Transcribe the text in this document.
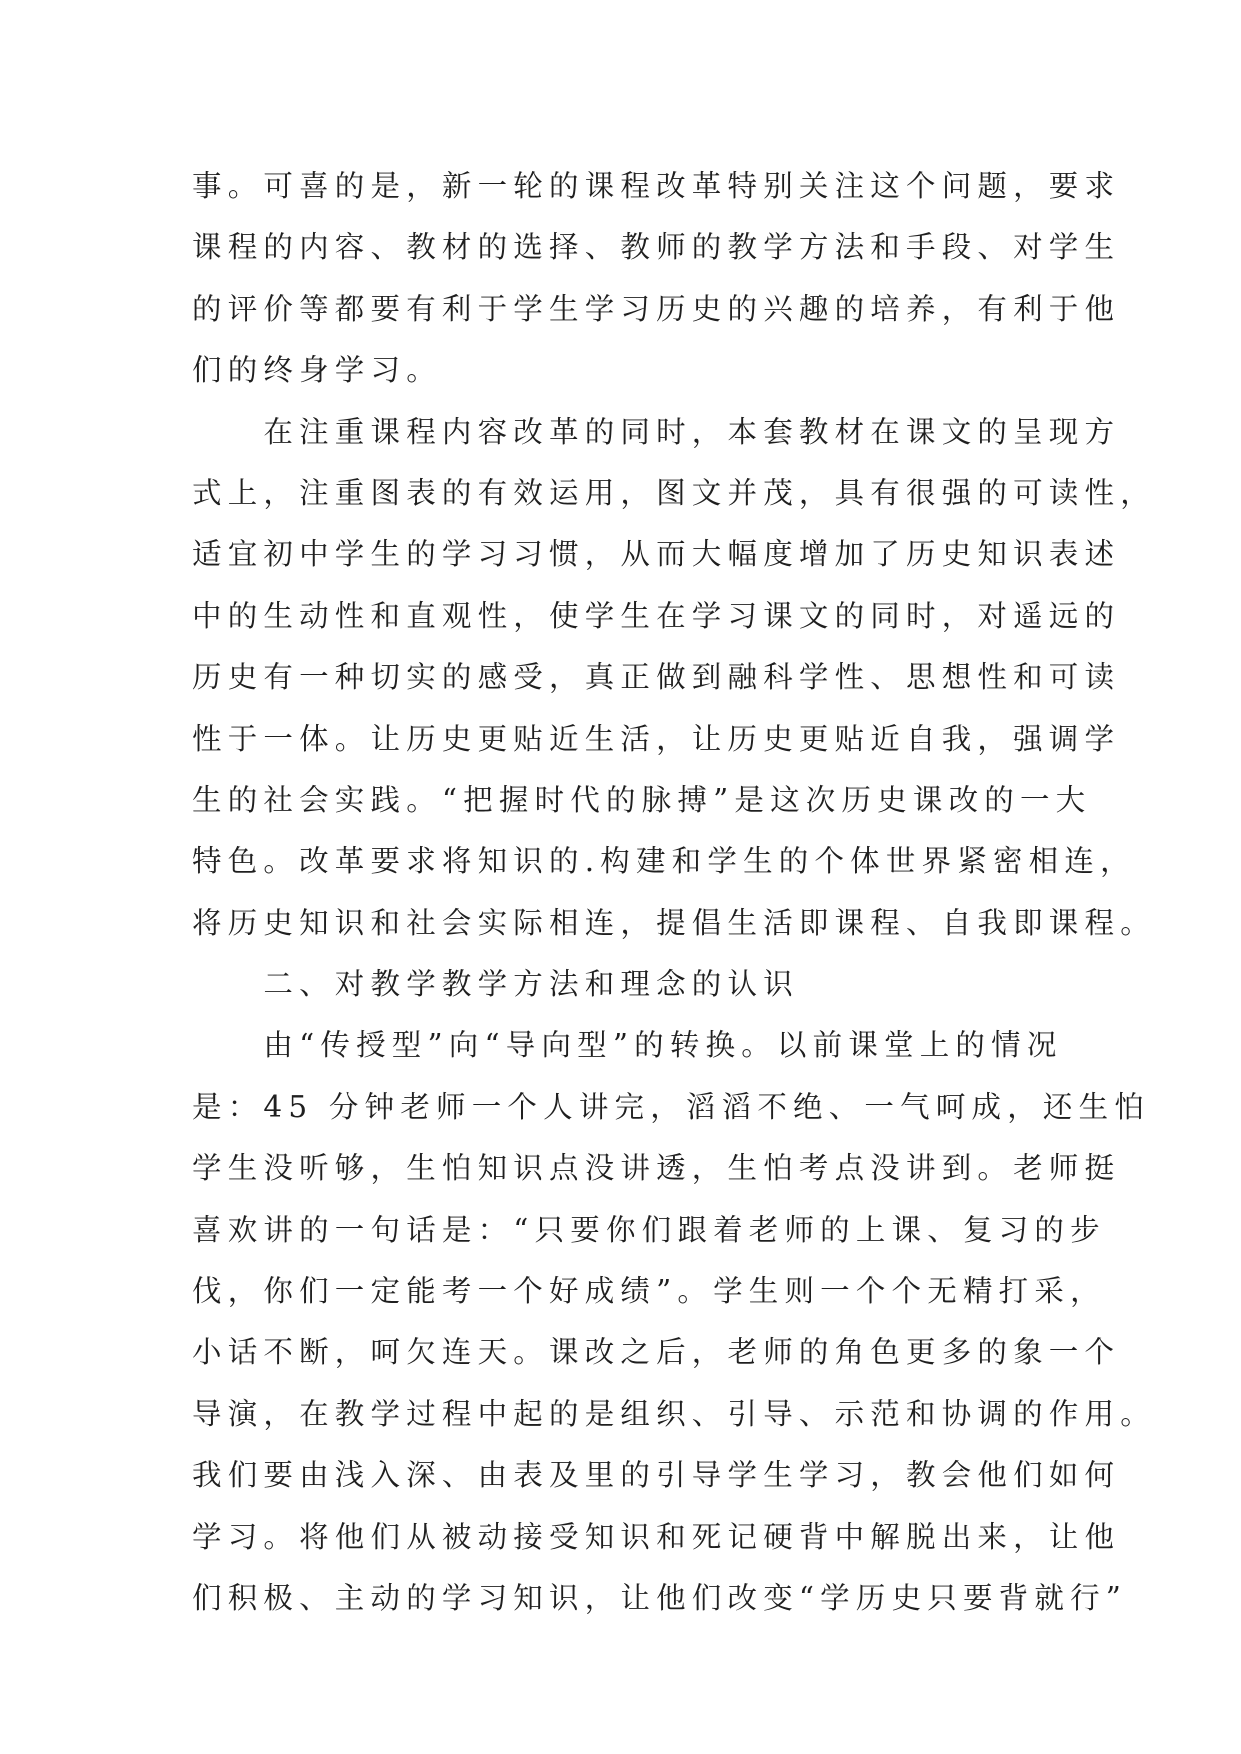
事。可喜的是，新一轮的课程改革特别关注这个问题，要求
课程的内容、教材的选择、教师的教学方法和手段、对学生
的评价等都要有利于学生学习历史的兴趣的培养，有利于他
们的终身学习。
　　在注重课程内容改革的同时，本套教材在课文的呈现方
式上，注重图表的有效运用，图文并茂，具有很强的可读性，
适宜初中学生的学习习惯，从而大幅度增加了历史知识表述
中的生动性和直观性，使学生在学习课文的同时，对遥远的
历史有一种切实的感受，真正做到融科学性、思想性和可读
性于一体。让历史更贴近生活，让历史更贴近自我，强调学
生的社会实践。“把握时代的脉搏”是这次历史课改的一大
特色。改革要求将知识的.构建和学生的个体世界紧密相连，
将历史知识和社会实际相连，提倡生活即课程、自我即课程。
　　二、对教学教学方法和理念的认识
　　由“传授型”向“导向型”的转换。以前课堂上的情况
是：45 分钟老师一个人讲完，滔滔不绝、一气呵成，还生怕
学生没听够，生怕知识点没讲透，生怕考点没讲到。老师挺
喜欢讲的一句话是：“只要你们跟着老师的上课、复习的步
伐，你们一定能考一个好成绩”。学生则一个个无精打采，
小话不断，呵欠连天。课改之后，老师的角色更多的象一个
导演，在教学过程中起的是组织、引导、示范和协调的作用。
我们要由浅入深、由表及里的引导学生学习，教会他们如何
学习。将他们从被动接受知识和死记硬背中解脱出来，让他
们积极、主动的学习知识，让他们改变“学历史只要背就行”
